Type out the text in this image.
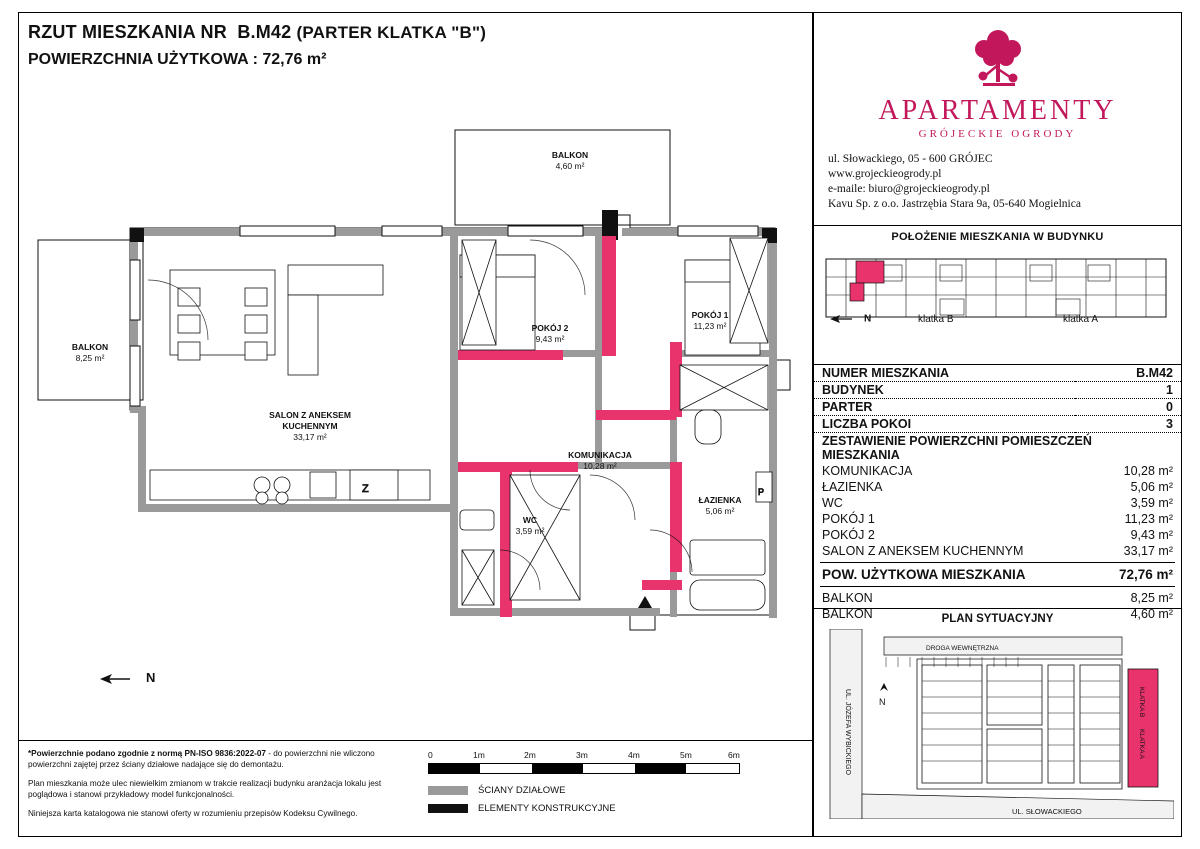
RZUT MIESZKANIA NR B.M42 (PARTER KLATKA "B")
POWIERZCHNIA UŻYTKOWA : 72,76 m²
Z	P
BALKON
4,60 m²
BALKON
8,25 m²
POKÓJ 2
9,43 m²
POKÓJ 1
11,23 m²
SALON Z ANEKSEM KUCHENNYM
33,17 m²
KOMUNIKACJA
10,28 m²
WC
3,59 m²
ŁAZIENKA
5,06 m²
N

*Powierzchnie podano zgodnie z normą PN-ISO 9836:2022-07 - do powierzchni nie wliczono powierzchni zajętej przez ściany działowe nadające się do demontażu.

Plan mieszkania może ulec niewielkim zmianom w trakcie realizacji budynku aranżacja lokalu jest poglądowa i stanowi przykładowy model funkcjonalności.

Niniejsza karta katalogowa nie stanowi oferty w rozumieniu przepisów Kodeksu Cywilnego.

0	1m	2m	3m	4m	5m	6m
ŚCIANY DZIAŁOWE
ELEMENTY KONSTRUKCYJNE
APARTAMENTY
GRÓJECKIE OGRODY
ul. Słowackiego, 05 - 600 GRÓJEC
www.grojeckieogrody.pl
e-maile: biuro@grojeckieogrody.pl
Kavu Sp. z o.o. Jastrzębia Stara 9a, 05-640 Mogielnica
POŁOŻENIE MIESZKANIA W BUDYNKU
N	klatka B	klatka A
NUMER MIESZKANIA	B.M42
BUDYNEK	1
PARTER	0
LICZBA POKOI	3
ZESTAWIENIE POWIERZCHNI POMIESZCZEŃ MIESZKANIA	
KOMUNIKACJA	10,28 m²
ŁAZIENKA	5,06 m²
WC	3,59 m²
POKÓJ 1	11,23 m²
POKÓJ 2	9,43 m²
SALON Z ANEKSEM KUCHENNYM	33,17 m²

POW. UŻYTKOWA MIESZKANIA	72,76 m²

BALKON	8,25 m²
BALKON	4,60 m²
PLAN SYTUACYJNY
N
DROGA WEWNĘTRZNA
KLATKA B
KLATKA A
UL. JÓZEFA WYBICKIEGO
UL. SŁOWACKIEGO
